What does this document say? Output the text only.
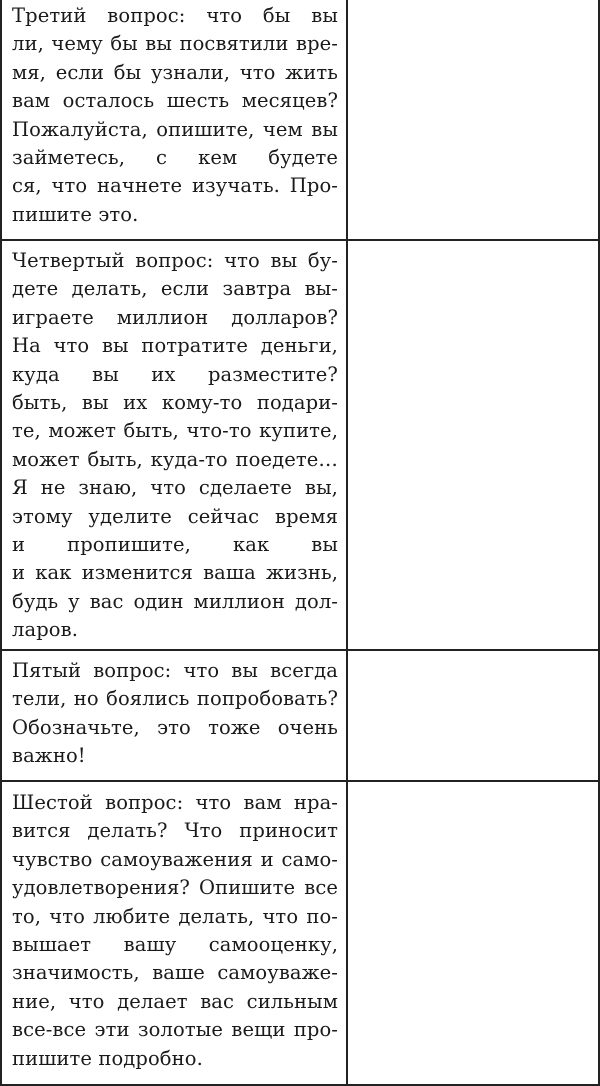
Третий вопрос: что бы вы
ли, чему бы вы посвятили вре-
мя, если бы узнали, что жить
вам осталось шесть месяцев?
Пожалуйста, опишите, чем вы
займетесь, с кем будете
ся, что начнете изучать. Про-
пишите это.
Четвертый вопрос: что вы бу-
дете делать, если завтра вы-
играете миллион долларов?
На что вы потратите деньги,
куда вы их разместите?
быть, вы их кому-то подари-
те, может быть, что-то купите,
может быть, куда-то поедете…
Я не знаю, что сделаете вы,
этому уделите сейчас время
и пропишите, как вы
и как изменится ваша жизнь,
будь у вас один миллион дол-
ларов.
Пятый вопрос: что вы всегда
тели, но боялись попробовать?
Обозначьте, это тоже очень
важно!
Шестой вопрос: что вам нра-
вится делать? Что приносит
чувство самоуважения и само-
удовлетворения? Опишите все
то, что любите делать, что по-
вышает вашу самооценку,
значимость, ваше самоуваже-
ние, что делает вас сильным
все-все эти золотые вещи про-
пишите подробно.
